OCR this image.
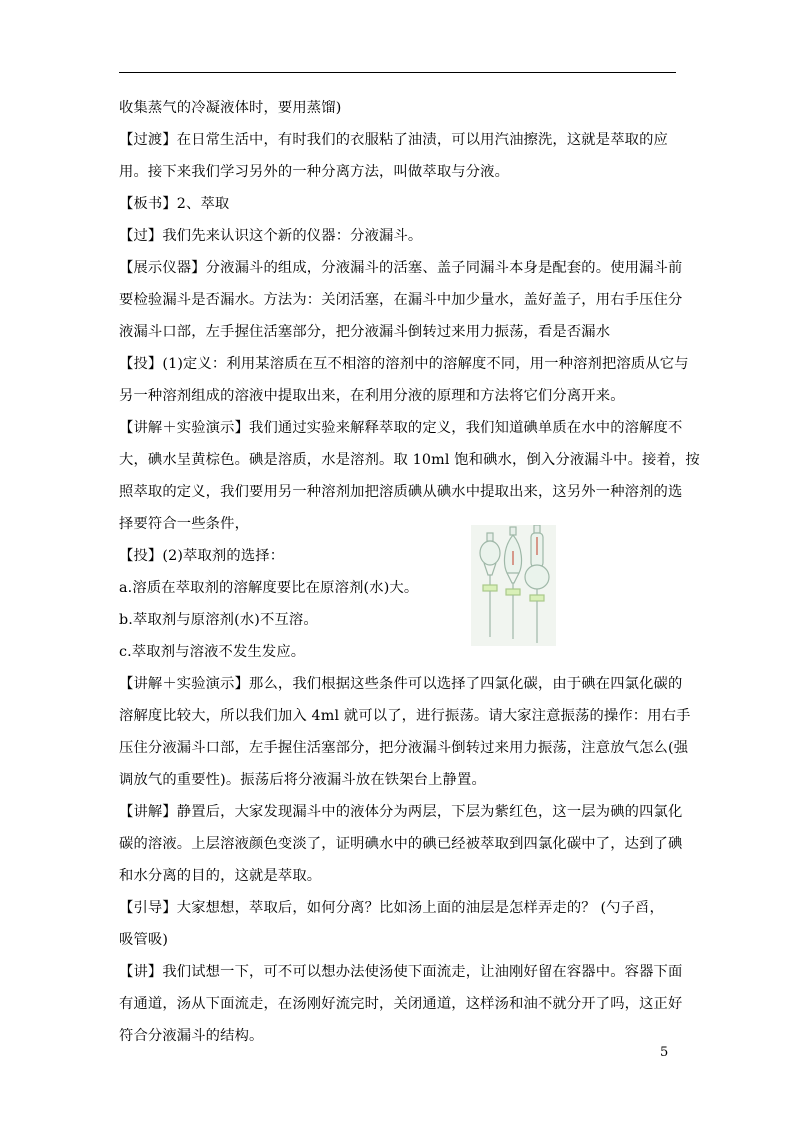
收集蒸气的冷凝液体时，要用蒸馏)
【过渡】在日常生活中，有时我们的衣服粘了油渍，可以用汽油擦洗，这就是萃取的应
用。接下来我们学习另外的一种分离方法，叫做萃取与分液。
【板书】2、萃取
【过】我们先来认识这个新的仪器：分液漏斗。
【展示仪器】分液漏斗的组成，分液漏斗的活塞、盖子同漏斗本身是配套的。使用漏斗前
要检验漏斗是否漏水。方法为：关闭活塞，在漏斗中加少量水，盖好盖子，用右手压住分
液漏斗口部，左手握住活塞部分，把分液漏斗倒转过来用力振荡，看是否漏水
【投】(1)定义：利用某溶质在互不相溶的溶剂中的溶解度不同，用一种溶剂把溶质从它与
另一种溶剂组成的溶液中提取出来，在利用分液的原理和方法将它们分离开来。
【讲解＋实验演示】我们通过实验来解释萃取的定义，我们知道碘单质在水中的溶解度不
大，碘水呈黄棕色。碘是溶质，水是溶剂。取 10ml 饱和碘水，倒入分液漏斗中。接着，按
照萃取的定义，我们要用另一种溶剂加把溶质碘从碘水中提取出来，这另外一种溶剂的选
择要符合一些条件，
【投】(2)萃取剂的选择：
a.溶质在萃取剂的溶解度要比在原溶剂(水)大。
b.萃取剂与原溶剂(水)不互溶。
c.萃取剂与溶液不发生发应。
【讲解＋实验演示】那么，我们根据这些条件可以选择了四氯化碳，由于碘在四氯化碳的
溶解度比较大，所以我们加入 4ml 就可以了，进行振荡。请大家注意振荡的操作：用右手
压住分液漏斗口部，左手握住活塞部分，把分液漏斗倒转过来用力振荡，注意放气怎么(强
调放气的重要性)。振荡后将分液漏斗放在铁架台上静置。
【讲解】静置后，大家发现漏斗中的液体分为两层，下层为紫红色，这一层为碘的四氯化
碳的溶液。上层溶液颜色变淡了，证明碘水中的碘已经被萃取到四氯化碳中了，达到了碘
和水分离的目的，这就是萃取。
【引导】大家想想，萃取后，如何分离？比如汤上面的油层是怎样弄走的？ (勺子舀，
吸管吸)
【讲】我们试想一下，可不可以想办法使汤使下面流走，让油刚好留在容器中。容器下面
有通道，汤从下面流走，在汤刚好流完时，关闭通道，这样汤和油不就分开了吗，这正好
符合分液漏斗的结构。
5
